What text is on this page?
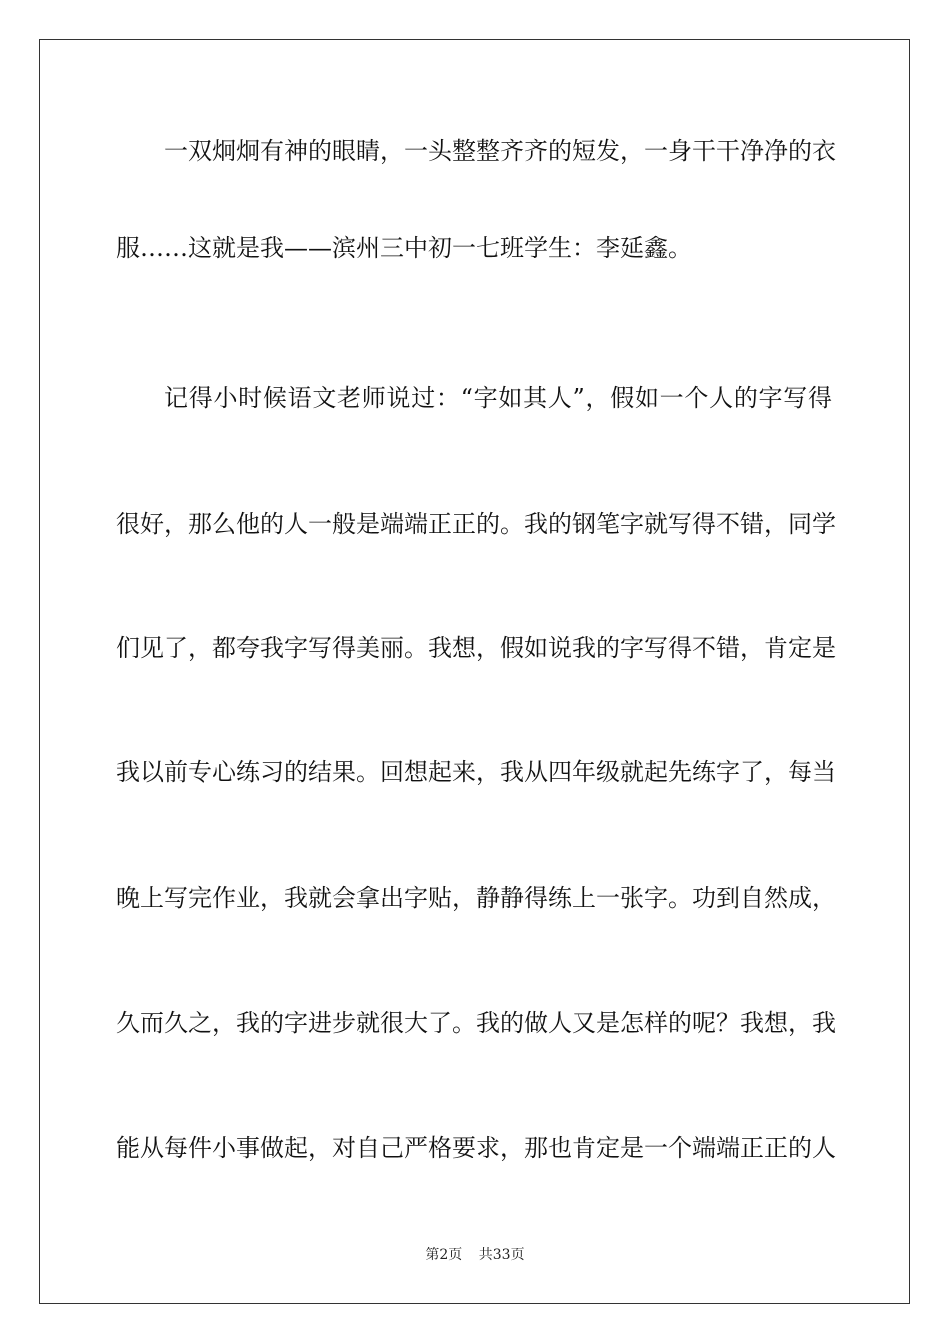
一双炯炯有神的眼睛，一头整整齐齐的短发，一身干干净净的衣
服……这就是我——滨州三中初一七班学生：李延鑫。
记得小时候语文老师说过：“字如其人”，假如一个人的字写得
很好，那么他的人一般是端端正正的。我的钢笔字就写得不错，同学
们见了，都夸我字写得美丽。我想，假如说我的字写得不错，肯定是
我以前专心练习的结果。回想起来，我从四年级就起先练字了，每当
晚上写完作业，我就会拿出字贴，静静得练上一张字。功到自然成，
久而久之，我的字进步就很大了。我的做人又是怎样的呢？我想，我
能从每件小事做起，对自己严格要求，那也肯定是一个端端正正的人
第2页 共33页
